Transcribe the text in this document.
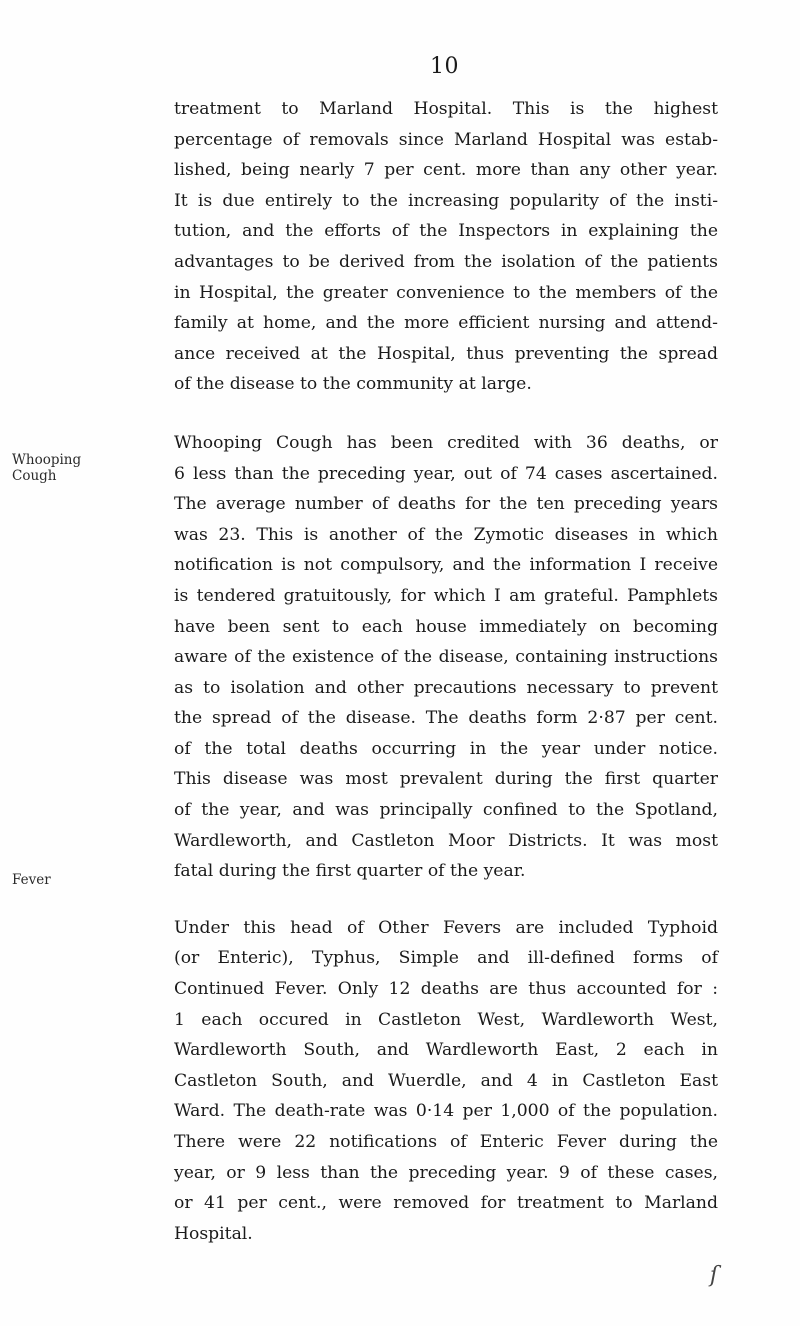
10
Whooping
Cough
Fever

treatment to Marland Hospital. This is the highest
percentage of removals since Marland Hospital was estab-
lished, being nearly 7 per cent. more than any other year.
It is due entirely to the increasing popularity of the insti-
tution, and the efforts of the Inspectors in explaining the
advantages to be derived from the isolation of the patients
in Hospital, the greater convenience to the members of the
family at home, and the more efficient nursing and attend-
ance received at the Hospital, thus preventing the spread
of the disease to the community at large.

Whooping Cough has been credited with 36 deaths, or
6 less than the preceding year, out of 74 cases ascertained.
The average number of deaths for the ten preceding years
was 23. This is another of the Zymotic diseases in which
notification is not compulsory, and the information I receive
is tendered gratuitously, for which I am grateful. Pamphlets
have been sent to each house immediately on becoming
aware of the existence of the disease, containing instructions
as to isolation and other precautions necessary to prevent
the spread of the disease. The deaths form 2·87 per cent.
of the total deaths occurring in the year under notice.
This disease was most prevalent during the first quarter
of the year, and was principally confined to the Spotland,
Wardleworth, and Castleton Moor Districts. It was most
fatal during the first quarter of the year.

Under this head of Other Fevers are included Typhoid
(or Enteric), Typhus, Simple and ill-defined forms of
Continued Fever. Only 12 deaths are thus accounted for :
1 each occured in Castleton West, Wardleworth West,
Wardleworth South, and Wardleworth East, 2 each in
Castleton South, and Wuerdle, and 4 in Castleton East
Ward. The death-rate was 0·14 per 1,000 of the population.
There were 22 notifications of Enteric Fever during the
year, or 9 less than the preceding year. 9 of these cases,
or 41 per cent., were removed for treatment to Marland
Hospital.

ſ
